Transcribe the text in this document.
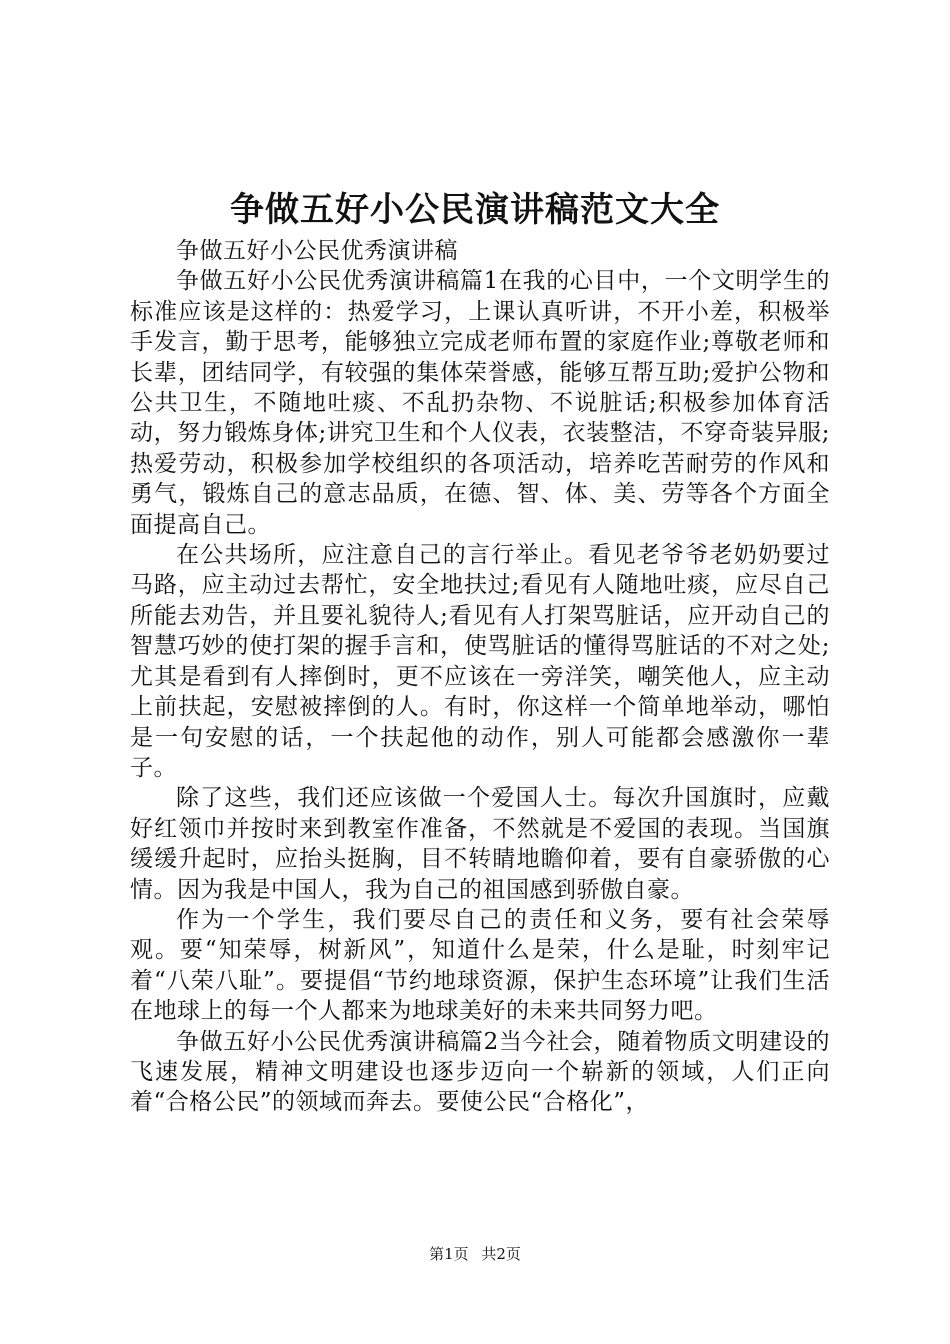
争做五好小公民演讲稿范文大全

争做五好小公民优秀演讲稿

争做五好小公民优秀演讲稿篇1在我的心目中，一个文明学生的标准应该是这样的：热爱学习，上课认真听讲，不开小差，积极举手发言，勤于思考，能够独立完成老师布置的家庭作业;尊敬老师和长辈，团结同学，有较强的集体荣誉感，能够互帮互助;爱护公物和公共卫生，不随地吐痰、不乱扔杂物、不说脏话;积极参加体育活动，努力锻炼身体;讲究卫生和个人仪表，衣装整洁，不穿奇装异服;热爱劳动，积极参加学校组织的各项活动，培养吃苦耐劳的作风和勇气，锻炼自己的意志品质，在德、智、体、美、劳等各个方面全面提高自己。

在公共场所，应注意自己的言行举止。看见老爷爷老奶奶要过马路，应主动过去帮忙，安全地扶过;看见有人随地吐痰，应尽自己所能去劝告，并且要礼貌待人;看见有人打架骂脏话，应开动自己的智慧巧妙的使打架的握手言和，使骂脏话的懂得骂脏话的不对之处;尤其是看到有人摔倒时，更不应该在一旁洋笑，嘲笑他人，应主动上前扶起，安慰被摔倒的人。有时，你这样一个简单地举动，哪怕是一句安慰的话，一个扶起他的动作，别人可能都会感激你一辈子。

除了这些，我们还应该做一个爱国人士。每次升国旗时，应戴好红领巾并按时来到教室作准备，不然就是不爱国的表现。当国旗缓缓升起时，应抬头挺胸，目不转睛地瞻仰着，要有自豪骄傲的心情。因为我是中国人，我为自己的祖国感到骄傲自豪。

作为一个学生，我们要尽自己的责任和义务，要有社会荣辱观。要“知荣辱，树新风”，知道什么是荣，什么是耻，时刻牢记着“八荣八耻”。要提倡“节约地球资源，保护生态环境”让我们生活在地球上的每一个人都来为地球美好的未来共同努力吧。

争做五好小公民优秀演讲稿篇2当今社会，随着物质文明建设的飞速发展，精神文明建设也逐步迈向一个崭新的领域，人们正向着“合格公民”的领域而奔去。要使公民“合格化”，

第1页 共2页
